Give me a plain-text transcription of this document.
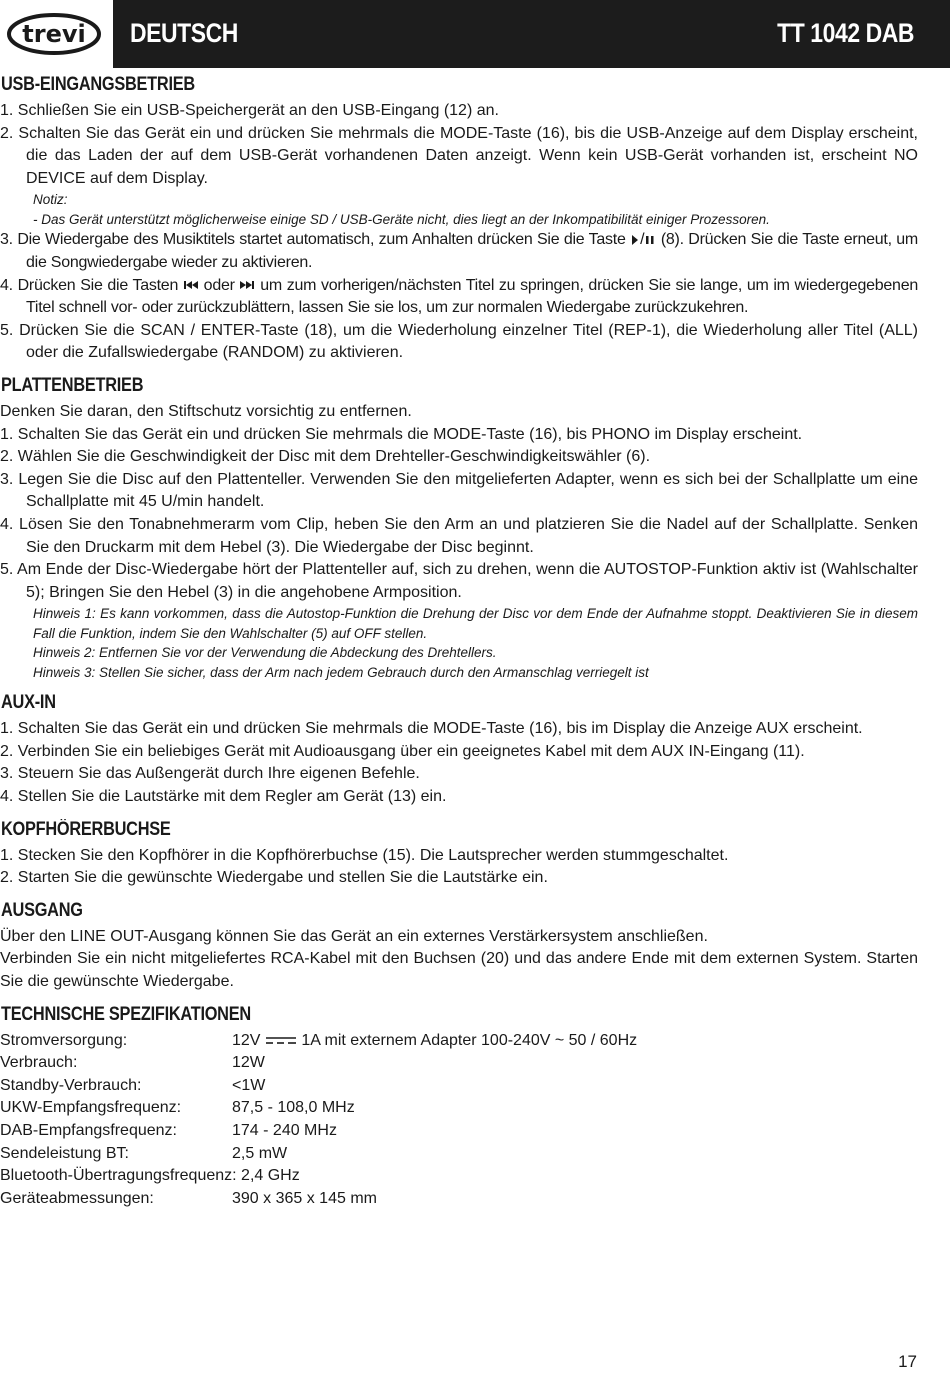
trevi DEUTSCH	TT 1042 DAB
USB-EINGANGSBETRIEB

1. Schließen Sie ein USB-Speichergerät an den USB-Eingang (12) an.

2. Schalten Sie das Gerät ein und drücken Sie mehrmals die MODE-Taste (16), bis die USB-Anzeige auf dem Display erscheint, die das Laden der auf dem USB-Gerät vorhandenen Daten anzeigt. Wenn kein USB-Gerät vorhanden ist, erscheint NO DEVICE auf dem Display.

Notiz:

- Das Gerät unterstützt möglicherweise einige SD / USB-Geräte nicht, dies liegt an der Inkompatibilität einiger Prozessoren.

3. Die Wiedergabe des Musiktitels startet automatisch, zum Anhalten drücken Sie die Taste / (8). Drücken Sie die Taste erneut, um die Songwiedergabe wieder zu aktivieren.

4. Drücken Sie die Tasten oder um zum vorherigen/nächsten Titel zu springen, drücken Sie sie lange, um im wiedergegebenen Titel schnell vor- oder zurückzublättern, lassen Sie sie los, um zur normalen Wiedergabe zurückzukehren.

5. Drücken Sie die SCAN / ENTER-Taste (18), um die Wiederholung einzelner Titel (REP-1), die Wiederholung aller Titel (ALL) oder die Zufallswiedergabe (RANDOM) zu aktivieren.

PLATTENBETRIEB

Denken Sie daran, den Stiftschutz vorsichtig zu entfernen.

1. Schalten Sie das Gerät ein und drücken Sie mehrmals die MODE-Taste (16), bis PHONO im Display erscheint.

2. Wählen Sie die Geschwindigkeit der Disc mit dem Drehteller-Geschwindigkeitswähler (6).

3. Legen Sie die Disc auf den Plattenteller. Verwenden Sie den mitgelieferten Adapter, wenn es sich bei der Schallplatte um eine Schallplatte mit 45 U/min handelt.

4. Lösen Sie den Tonabnehmerarm vom Clip, heben Sie den Arm an und platzieren Sie die Nadel auf der Schallplatte. Senken Sie den Druckarm mit dem Hebel (3). Die Wiedergabe der Disc beginnt.

5. Am Ende der Disc-Wiedergabe hört der Plattenteller auf, sich zu drehen, wenn die AUTOSTOP-Funktion aktiv ist (Wahlschalter 5); Bringen Sie den Hebel (3) in die angehobene Armposition.

Hinweis 1: Es kann vorkommen, dass die Autostop-Funktion die Drehung der Disc vor dem Ende der Aufnahme stoppt. Deaktivieren Sie in diesem Fall die Funktion, indem Sie den Wahlschalter (5) auf OFF stellen.

Hinweis 2: Entfernen Sie vor der Verwendung die Abdeckung des Drehtellers.

Hinweis 3: Stellen Sie sicher, dass der Arm nach jedem Gebrauch durch den Armanschlag verriegelt ist

AUX-IN

1. Schalten Sie das Gerät ein und drücken Sie mehrmals die MODE-Taste (16), bis im Display die Anzeige AUX erscheint.

2. Verbinden Sie ein beliebiges Gerät mit Audioausgang über ein geeignetes Kabel mit dem AUX IN-Eingang (11).

3. Steuern Sie das Außengerät durch Ihre eigenen Befehle.

4. Stellen Sie die Lautstärke mit dem Regler am Gerät (13) ein.

KOPFHÖRERBUCHSE

1. Stecken Sie den Kopfhörer in die Kopfhörerbuchse (15). Die Lautsprecher werden stummgeschaltet.

2. Starten Sie die gewünschte Wiedergabe und stellen Sie die Lautstärke ein.

AUSGANG

Über den LINE OUT-Ausgang können Sie das Gerät an ein externes Verstärkersystem anschließen.

Verbinden Sie ein nicht mitgeliefertes RCA-Kabel mit den Buchsen (20) und das andere Ende mit dem externen System. Starten Sie die gewünschte Wiedergabe.

TECHNISCHE SPEZIFIKATIONEN
Stromversorgung:	12V 1A mit externem Adapter 100-240V ~ 50 / 60Hz
Verbrauch:	12W
Standby-Verbrauch:	<1W
UKW-Empfangsfrequenz:	87,5 - 108,0 MHz
DAB-Empfangsfrequenz:	174 - 240 MHz
Sendeleistung BT:	2,5 mW
Bluetooth-Übertragungsfrequenz: 2,4 GHz	
Geräteabmessungen:	390 x 365 x 145 mm
17
